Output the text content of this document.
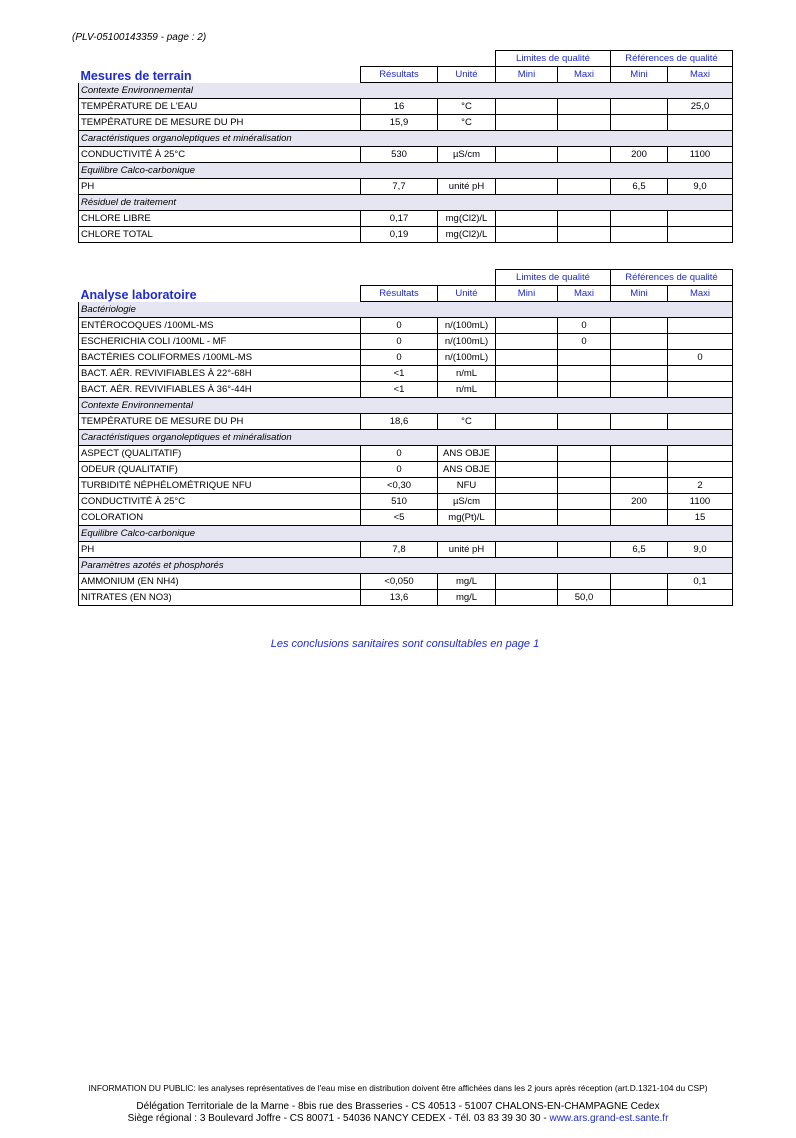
(PLV-05100143359 - page : 2)
			Limites de qualité		Références de qualité	
Mesures de terrain	Résultats	Unité	Mini	Maxi	Mini	Maxi
Contexte Environnemental						
TEMPÉRATURE DE L'EAU	16	°C				25,0
TEMPÉRATURE DE MESURE DU PH	15,9	°C				
Caractéristiques organoleptiques et minéralisation						
CONDUCTIVITÉ À 25°C	530	µS/cm			200	1100
Equilibre Calco-carbonique						
PH	7,7	unité pH			6,5	9,0
Résiduel de traitement						
CHLORE LIBRE	0,17	mg(Cl2)/L				
CHLORE TOTAL	0,19	mg(Cl2)/L				
			Limites de qualité		Références de qualité	
Analyse laboratoire	Résultats	Unité	Mini	Maxi	Mini	Maxi
Bactériologie						
ENTÉROCOQUES /100ML-MS	0	n/(100mL)		0		
ESCHERICHIA COLI /100ML - MF	0	n/(100mL)		0		
BACTÉRIES COLIFORMES /100ML-MS	0	n/(100mL)				0
BACT. AÉR. REVIVIFIABLES À 22°-68H	<1	n/mL				
BACT. AÉR. REVIVIFIABLES À 36°-44H	<1	n/mL				
Contexte Environnemental						
TEMPÉRATURE DE MESURE DU PH	18,6	°C				
Caractéristiques organoleptiques et minéralisation						
ASPECT (QUALITATIF)	0	ANS OBJE				
ODEUR (QUALITATIF)	0	ANS OBJE				
TURBIDITÉ NÉPHÉLOMÉTRIQUE NFU	<0,30	NFU				2
CONDUCTIVITÉ À 25°C	510	µS/cm			200	1100
COLORATION	<5	mg(Pt)/L				15
Equilibre Calco-carbonique						
PH	7,8	unité pH			6,5	9,0
Paramètres azotés et phosphorés						
AMMONIUM (EN NH4)	<0,050	mg/L				0,1
NITRATES (EN NO3)	13,6	mg/L		50,0		
Les conclusions sanitaires sont consultables en page 1
INFORMATION DU PUBLIC: les analyses représentatives de l'eau mise en distribution doivent être affichées dans les 2 jours après réception (art.D.1321-104 du CSP)
Délégation Territoriale de la Marne - 8bis rue des Brasseries - CS 40513 - 51007 CHALONS-EN-CHAMPAGNE Cedex
Siège régional : 3 Boulevard Joffre - CS 80071 - 54036 NANCY CEDEX - Tél. 03 83 39 30 30 - www.ars.grand-est.sante.fr
